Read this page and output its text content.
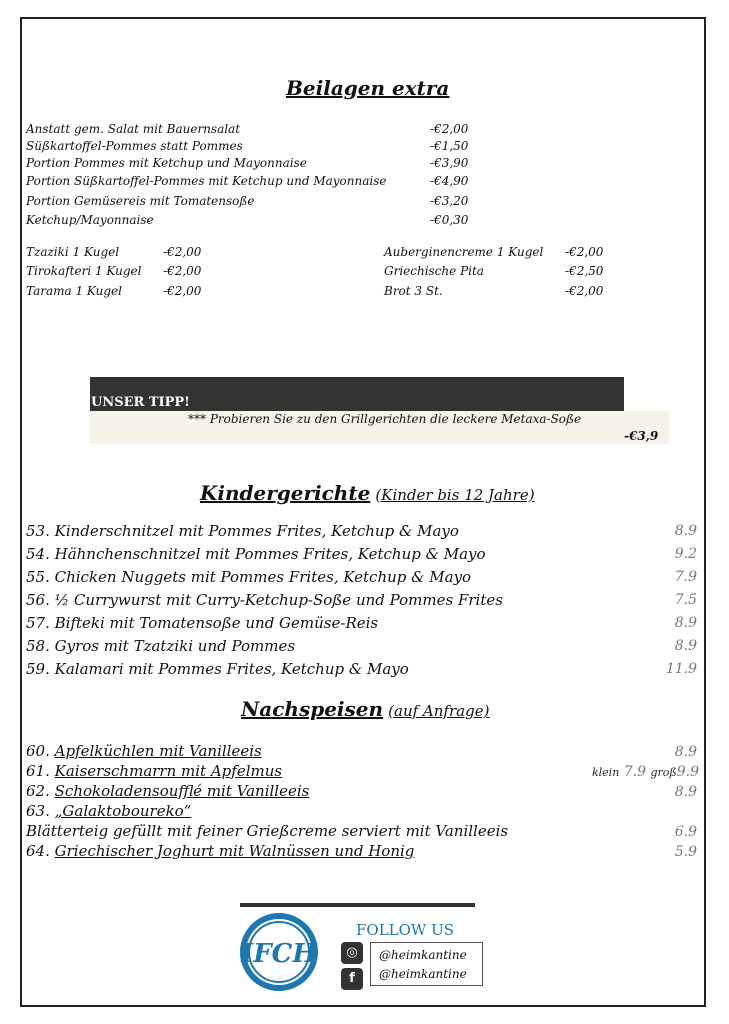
Beilagen extra
UNSER TIPP!
*** Probieren Sie zu den Grillgerichten die leckere Metaxa-Soße
-€3,9
Kindergerichte (Kinder bis 12 Jahre)
Nachspeisen (auf Anfrage)
IFCH
FOLLOW US
◎
f
@heimkantine
@heimkantine
Anstatt gem. Salat mit Bauernsalat	-€2,00
Süßkartoffel-Pommes statt Pommes	-€1,50
Portion Pommes mit Ketchup und Mayonnaise	-€3,90
Portion Süßkartoffel-Pommes mit Ketchup und Mayonnaise	-€4,90
Portion Gemüsereis mit Tomatensoße	-€3,20
Ketchup/Mayonnaise	-€0,30
Tzaziki 1 Kugel	-€2,00
Tirokafteri 1 Kugel -€2,00
Tarama 1 Kugel	-€2,00
Auberginencreme 1 Kugel -€2,00
Griechische Pita	-€2,50
Brot 3 St.	-€2,00
53. Kinderschnitzel mit Pommes Frites, Ketchup & Mayo	8.9
54. Hähnchenschnitzel mit Pommes Frites, Ketchup & Mayo	9.2
55. Chicken Nuggets mit Pommes Frites, Ketchup & Mayo	7.9
56. ½ Currywurst mit Curry-Ketchup-Soße und Pommes Frites	7.5
57. Bifteki mit Tomatensoße und Gemüse-Reis	8.9
58. Gyros mit Tzatziki und Pommes	8.9
59. Kalamari mit Pommes Frites, Ketchup & Mayo	11.9
60. Apfelküchlen mit Vanilleeis	8.9
61. Kaiserschmarrn mit Apfelmus	klein 7.9 groß9.9
62. Schokoladensoufflé mit Vanilleeis	8.9
63. „Galaktoboureko“
Blätterteig gefüllt mit feiner Grießcreme serviert mit Vanilleeis	6.9
64. Griechischer Joghurt mit Walnüssen und Honig	5.9
